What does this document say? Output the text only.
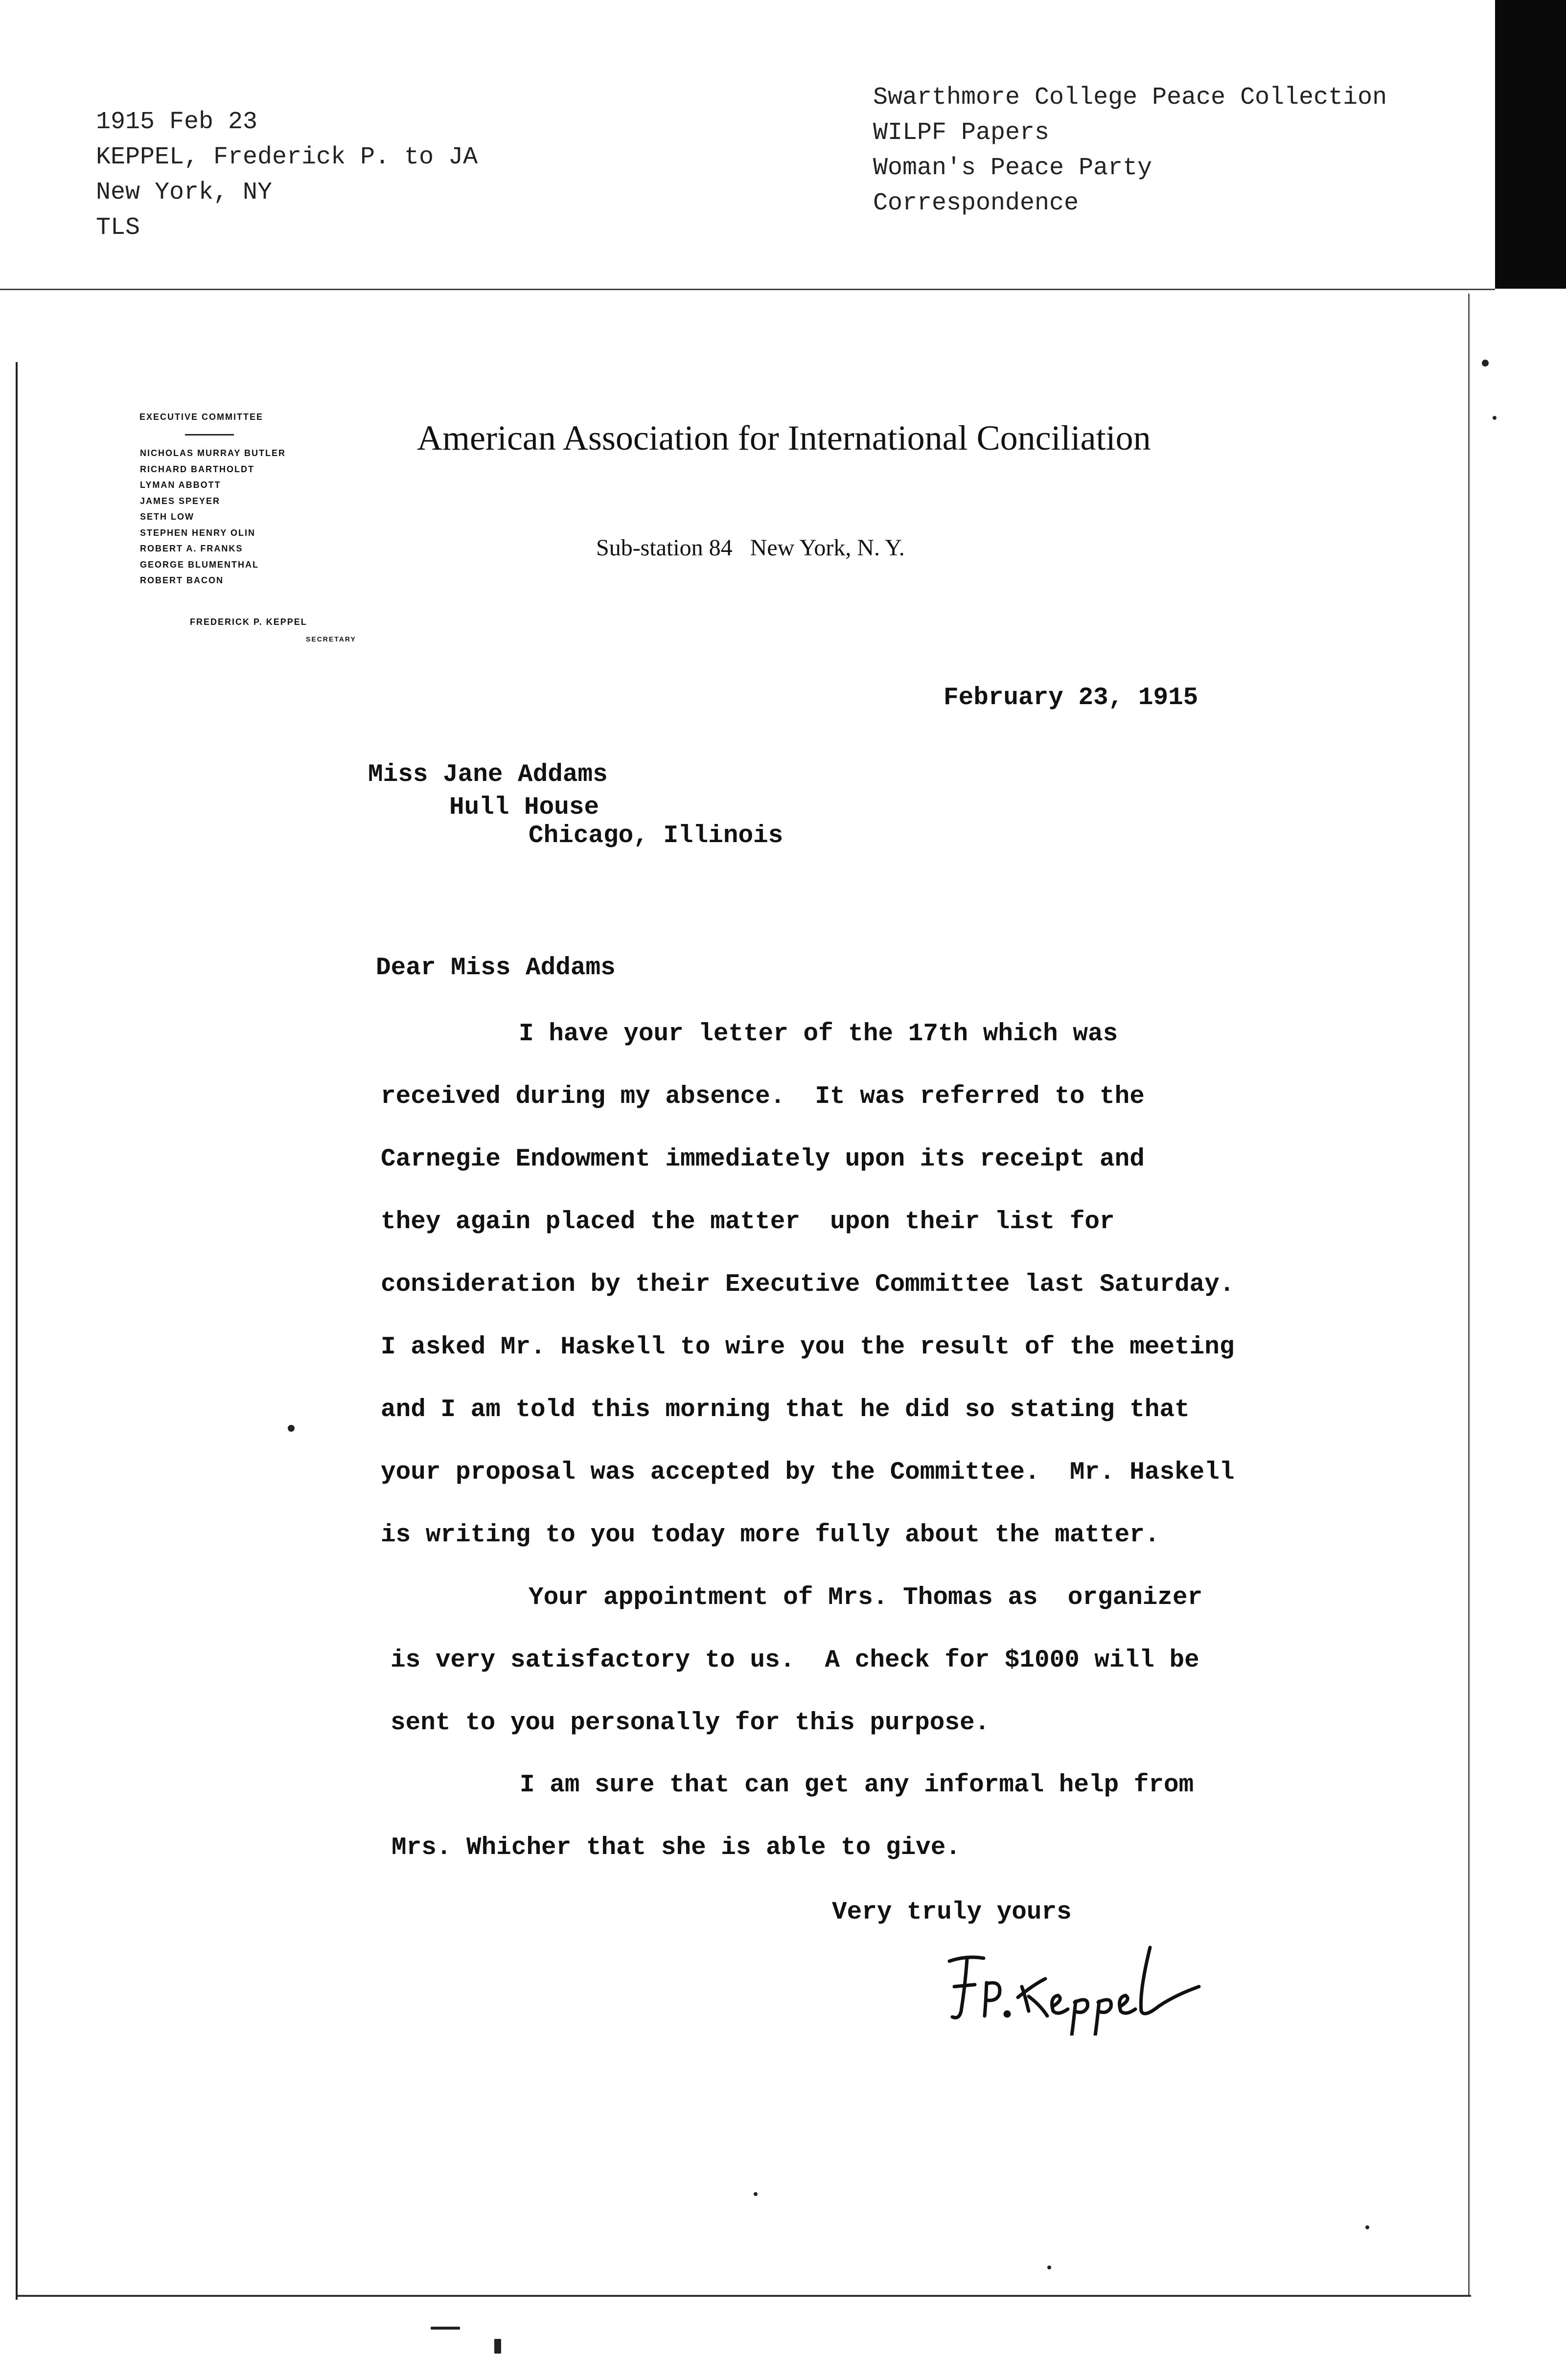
1915 Feb 23
KEPPEL, Frederick P. to JA
New York, NY
TLS
Swarthmore College Peace Collection
WILPF Papers
Woman's Peace Party
Correspondence
EXECUTIVE COMMITTEE
NICHOLAS MURRAY BUTLER
RICHARD BARTHOLDT
LYMAN ABBOTT
JAMES SPEYER
SETH LOW
STEPHEN HENRY OLIN
ROBERT A. FRANKS
GEORGE BLUMENTHAL
ROBERT BACON
FREDERICK P. KEPPEL
SECRETARY
American Association for International Conciliation
Sub-station 84   New York, N. Y.
February 23, 1915
Miss Jane Addams
Hull House
Chicago, Illinois
Dear Miss Addams
I have your letter of the 17th which was
received during my absence.  It was referred to the
Carnegie Endowment immediately upon its receipt and
they again placed the matter  upon their list for
consideration by their Executive Committee last Saturday.
I asked Mr. Haskell to wire you the result of the meeting
and I am told this morning that he did so stating that
your proposal was accepted by the Committee.  Mr. Haskell
is writing to you today more fully about the matter.
Your appointment of Mrs. Thomas as  organizer
is very satisfactory to us.  A check for $1000 will be
sent to you personally for this purpose.
I am sure that can get any informal help from
Mrs. Whicher that she is able to give.
Very truly yours
